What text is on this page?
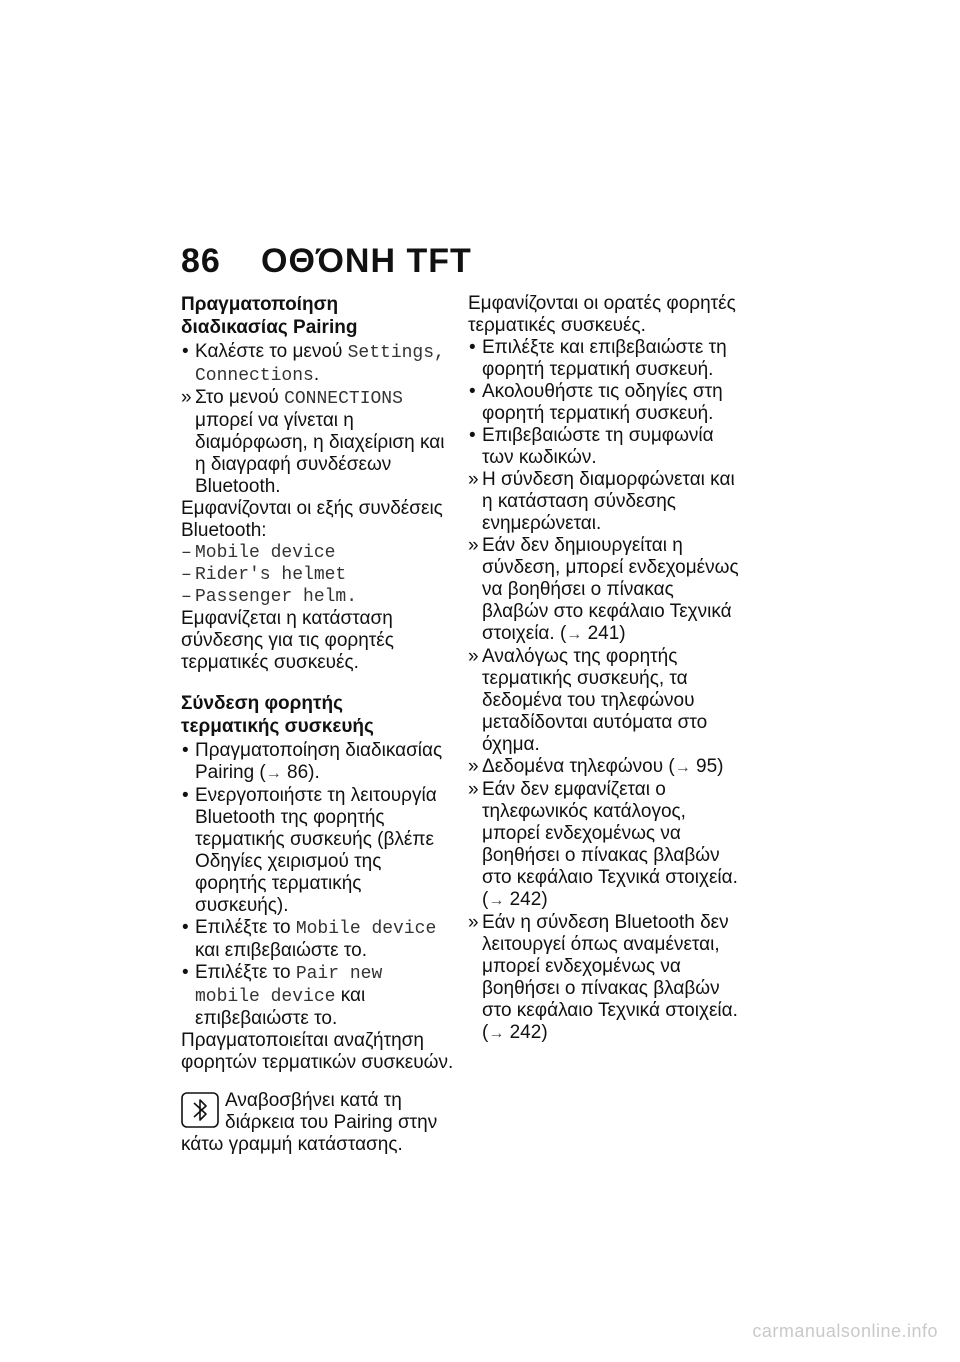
86 ΟΘΌΝΗ TFT
Πραγματοποίηση
διαδικασίας Pairing
• Καλέστε το μενού Settings, Connections.
» Στο μενού CONNECTIONS μπορεί να γίνεται η διαμόρφωση, η διαχείριση και η διαγραφή συνδέσεων Bluetooth.
Εμφανίζονται οι εξής συνδέσεις Bluetooth:
– Mobile device
– Rider's helmet
– Passenger helm.
Εμφανίζεται η κατάσταση σύνδεσης για τις φορητές τερματικές συσκευές.
Σύνδεση φορητής
τερματικής συσκευής
• Πραγματοποίηση διαδικασίας Pairing (→ 86).
• Ενεργοποιήστε τη λειτουργία Bluetooth της φορητής τερματικής συσκευής (βλέπε Οδηγίες χειρισμού της φορητής τερματικής συσκευής).
• Επιλέξτε το Mobile device και επιβεβαιώστε το.
• Επιλέξτε το Pair new mobile device και επιβεβαιώστε το.
Πραγματοποιείται αναζήτηση φορητών τερματικών συσκευών.
Αναβοσβήνει κατά τη διάρκεια του Pairing στην κάτω γραμμή κατάστασης.
Εμφανίζονται οι ορατές φορητές τερματικές συσκευές.
• Επιλέξτε και επιβεβαιώστε τη φορητή τερματική συσκευή.
• Ακολουθήστε τις οδηγίες στη φορητή τερματική συσκευή.
• Επιβεβαιώστε τη συμφωνία των κωδικών.
» Η σύνδεση διαμορφώνεται και η κατάσταση σύνδεσης ενημερώνεται.
» Εάν δεν δημιουργείται η σύνδεση, μπορεί ενδεχομένως να βοηθήσει ο πίνακας βλαβών στο κεφάλαιο Τεχνικά στοιχεία. (→ 241)
» Αναλόγως της φορητής τερματικής συσκευής, τα δεδομένα του τηλεφώνου μεταδίδονται αυτόματα στο όχημα.
» Δεδομένα τηλεφώνου (→ 95)
» Εάν δεν εμφανίζεται ο τηλεφωνικός κατάλογος, μπορεί ενδεχομένως να βοηθήσει ο πίνακας βλαβών στο κεφάλαιο Τεχνικά στοιχεία. (→ 242)
» Εάν η σύνδεση Bluetooth δεν λειτουργεί όπως αναμένεται, μπορεί ενδεχομένως να βοηθήσει ο πίνακας βλαβών στο κεφάλαιο Τεχνικά στοιχεία. (→ 242)
carmanualsonline.info
